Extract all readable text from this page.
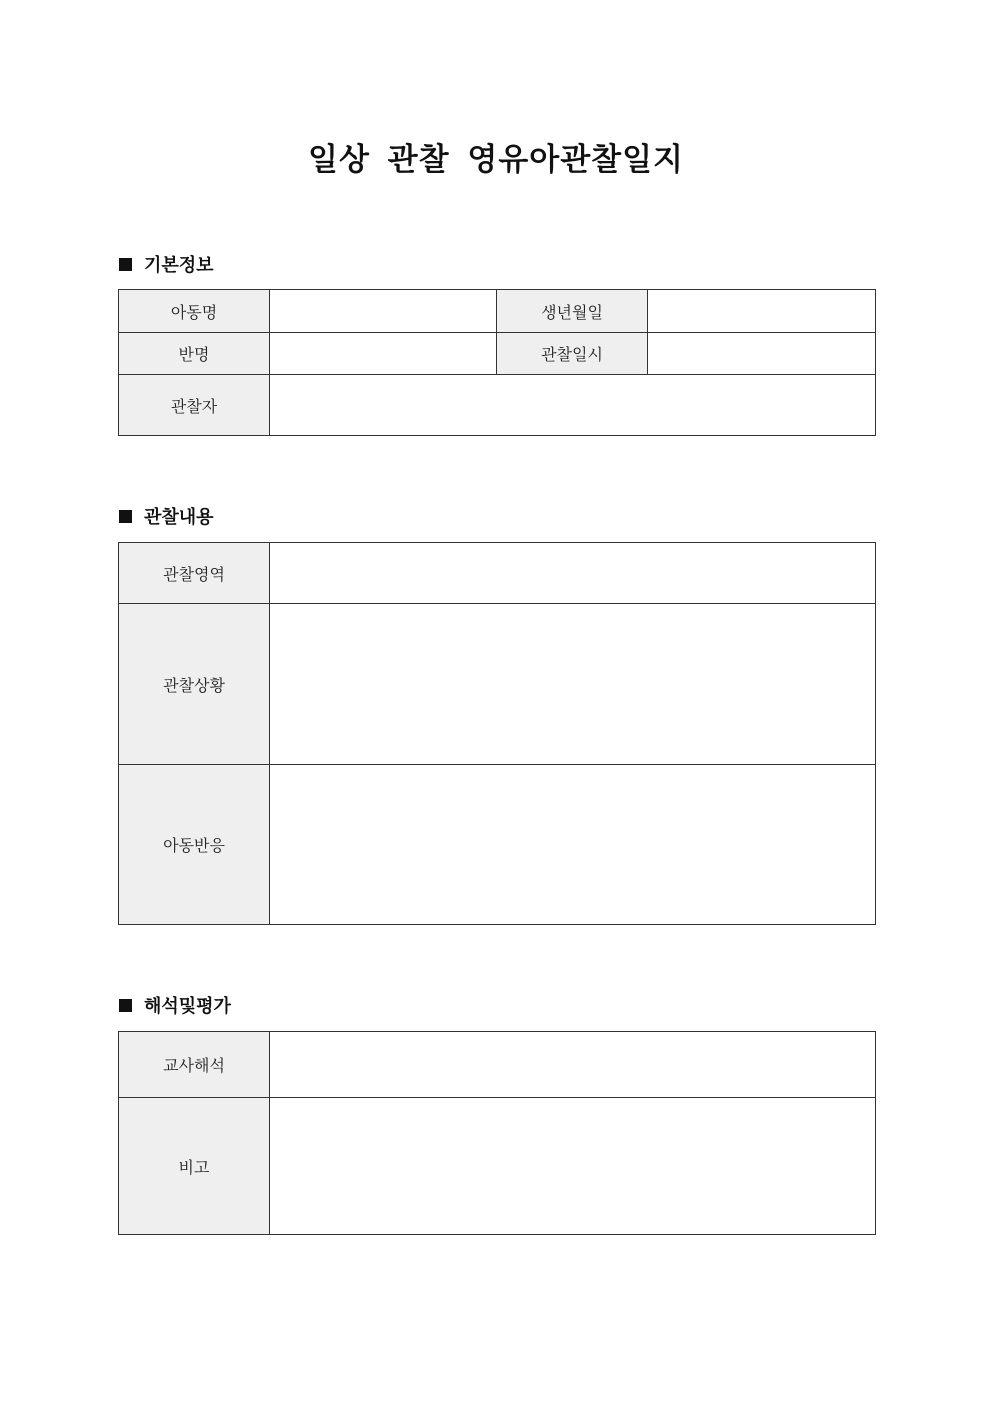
일상 관찰 영유아관찰일지
기본정보
아동명		생년월일	
반명		관찰일시	
관찰자			
관찰내용
관찰영역	
관찰상황	
아동반응	
해석및평가
교사해석	
비고	
